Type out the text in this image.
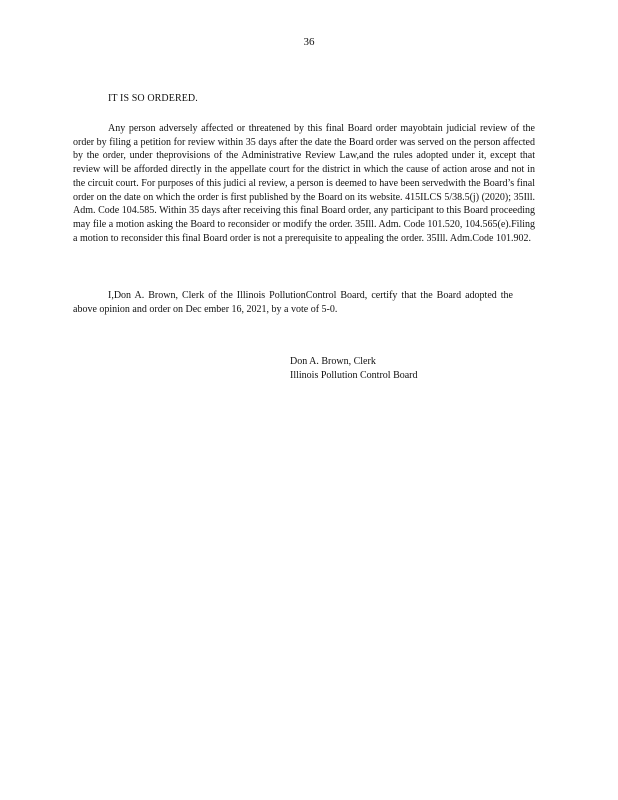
36
IT IS SO ORDERED.

Any person adversely affected or threatened by this final Board order mayobtain judicial review of the order by filing a petition for review within 35 days after the date the Board order was served on the person affected by the order, under theprovisions of the Administrative Review Law,and the rules adopted under it, except that review will be afforded directly in the appellate court for the district in which the cause of action arose and not in the circuit court. For purposes of this judici al review, a person is deemed to have been servedwith the Board’s final order on the date on which the order is first published by the Board on its website. 415ILCS 5/38.5(j) (2020); 35Ill. Adm. Code 104.585. Within 35 days after receiving this final Board order, any participant to this Board proceeding may file a motion asking the Board to reconsider or modify the order. 35Ill. Adm. Code 101.520, 104.565(e).Filing a motion to reconsider this final Board order is not a prerequisite to appealing the order. 35Ill. Adm.Code 101.902.

I,Don A. Brown, Clerk of the Illinois PollutionControl Board, certify that the Board adopted the above opinion and order on Dec ember 16, 2021, by a vote of 5-0.

Don A. Brown, Clerk
Illinois Pollution Control Board
